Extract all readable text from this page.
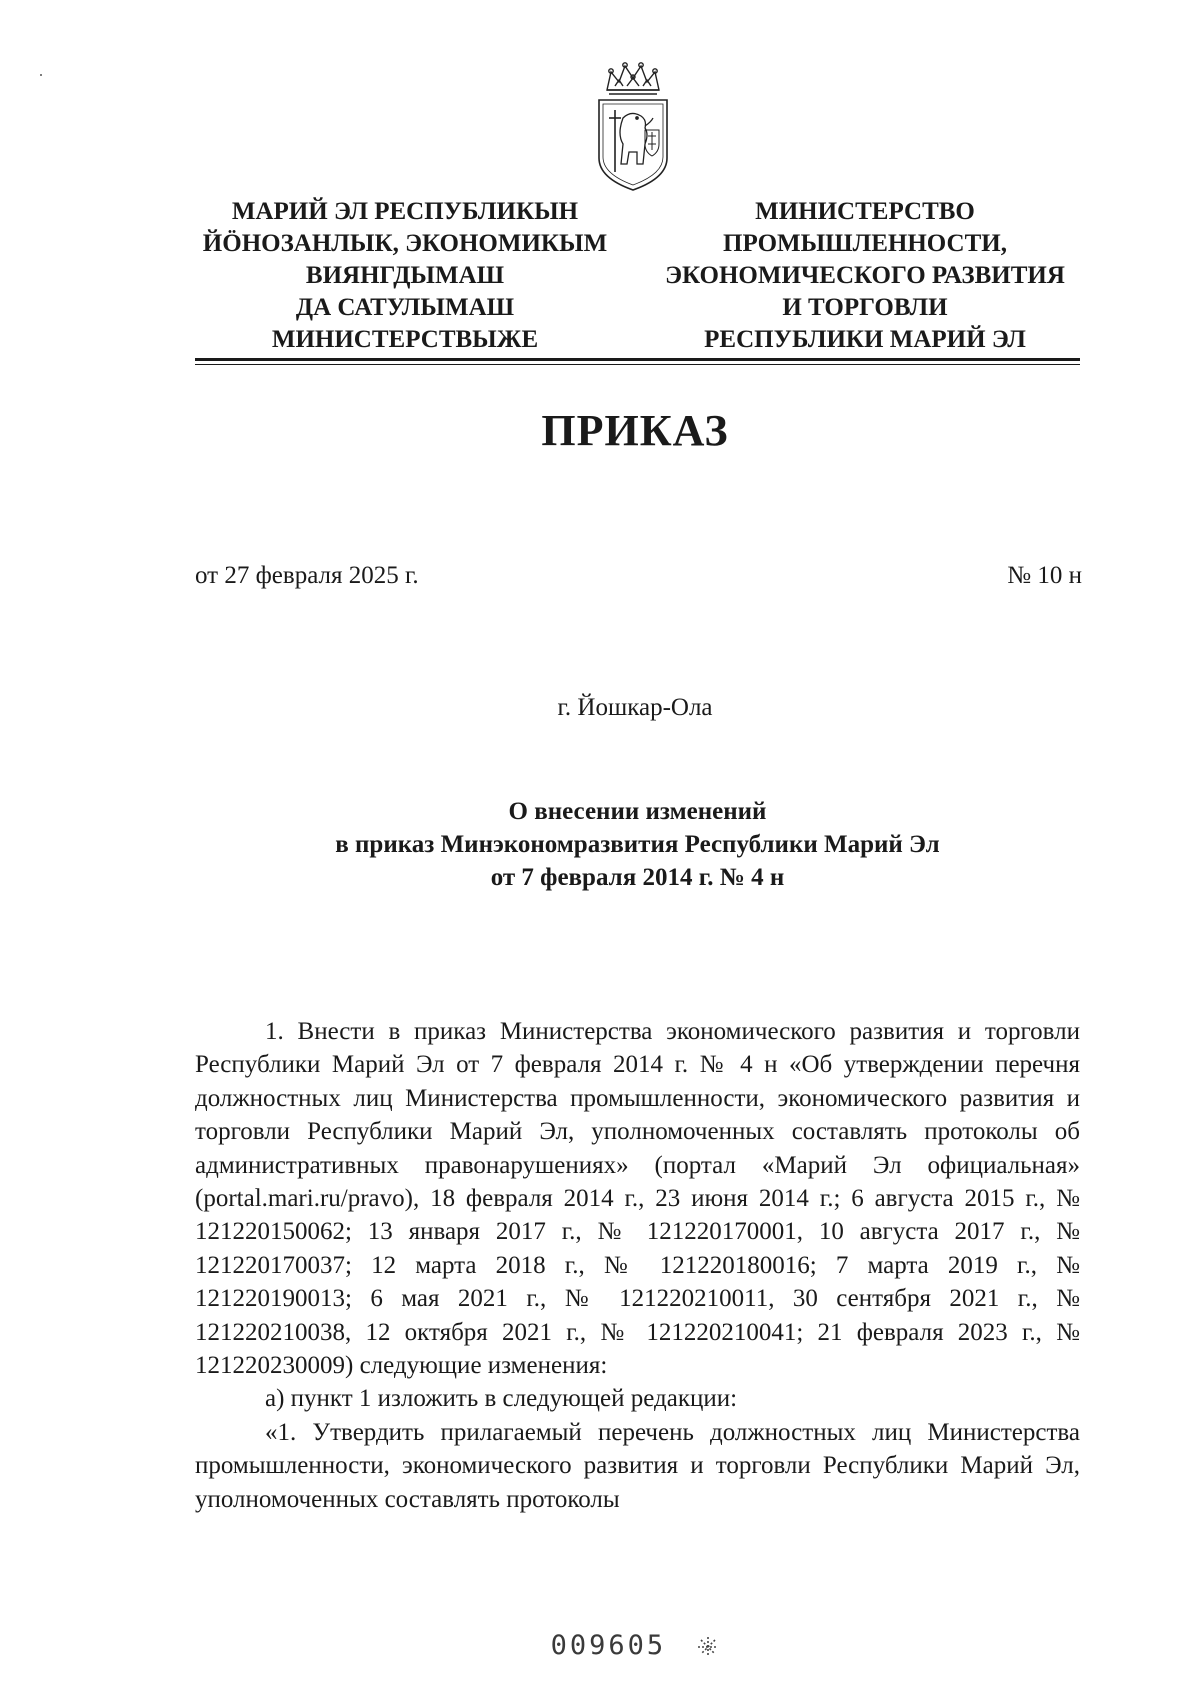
МАРИЙ ЭЛ РЕСПУБЛИКЫН
ЙӦНОЗАНЛЫК, ЭКОНОМИКЫМ
ВИЯНГДЫМАШ
ДА САТУЛЫМАШ
МИНИСТЕРСТВЫЖЕ
МИНИСТЕРСТВО
ПРОМЫШЛЕННОСТИ,
ЭКОНОМИЧЕСКОГО РАЗВИТИЯ
И ТОРГОВЛИ
РЕСПУБЛИКИ МАРИЙ ЭЛ
ПРИКАЗ
от 27 февраля 2025 г.	№ 10 н
г. Йошкар-Ола
О внесении изменений
в приказ Минэкономразвития Республики Марий Эл
от 7 февраля 2014 г. № 4 н

1. Внести в приказ Министерства экономического развития и торговли Республики Марий Эл от 7 февраля 2014 г. № 4 н «Об утверждении перечня должностных лиц Министерства промышленности, экономического развития и торговли Республики Марий Эл, уполномоченных составлять протоколы об административных правонарушениях» (портал «Марий Эл официальная» (portal.mari.ru/pravo), 18 февраля 2014 г., 23 июня 2014 г.; 6 августа 2015 г., № 121220150062; 13 января 2017 г., № 121220170001, 10 августа 2017 г., № 121220170037; 12 марта 2018 г., № 121220180016; 7 марта 2019 г., № 121220190013; 6 мая 2021 г., № 121220210011, 30 сентября 2021 г., № 121220210038, 12 октября 2021 г., № 121220210041; 21 февраля 2023 г., № 121220230009) следующие изменения:

а) пункт 1 изложить в следующей редакции:

«1. Утвердить прилагаемый перечень должностных лиц Министерства промышленности, экономического развития и торговли Республики Марий Эл, уполномоченных составлять протоколы

009605
